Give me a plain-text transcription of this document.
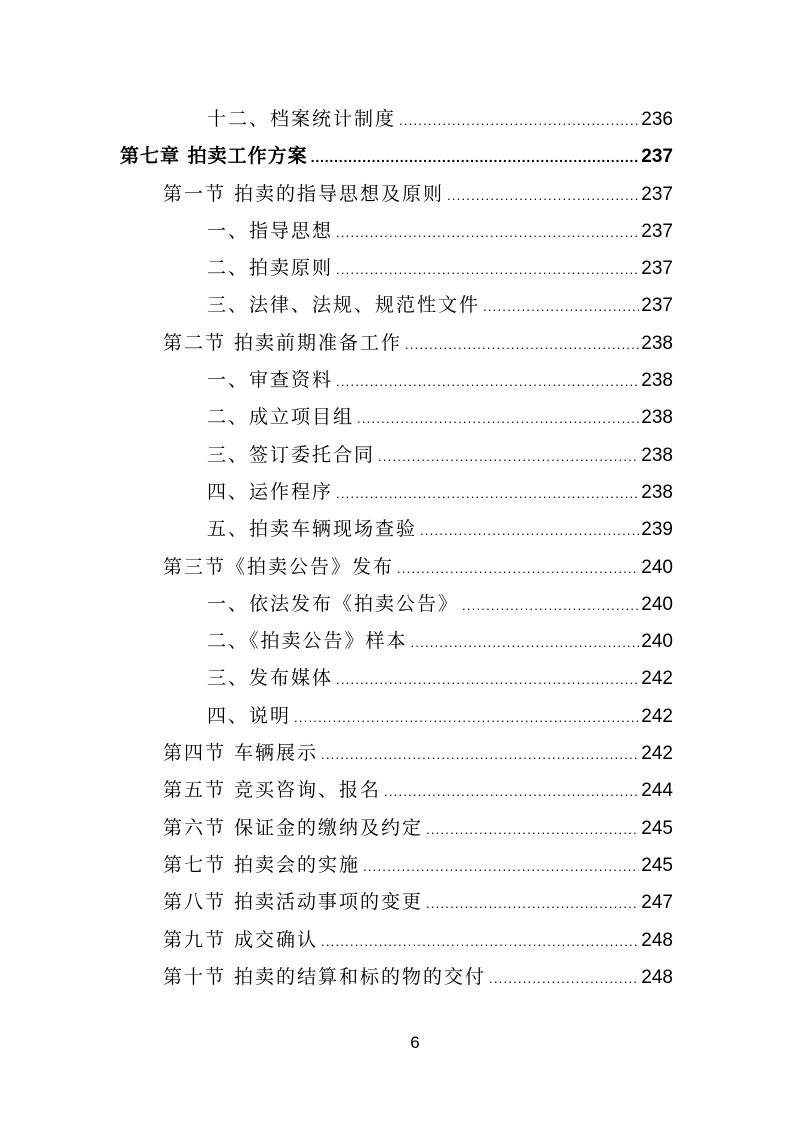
十二、档案统计制度 .....	236
第七章 拍卖工作方案 .....	237
第一节 拍卖的指导思想及原则 .....	237
一、指导思想 .....	237
二、拍卖原则 .....	237
三、法律、法规、规范性文件 .....	237
第二节 拍卖前期准备工作 .....	238
一、审查资料 .....	238
二、成立项目组 .....	238
三、签订委托合同 .....	238
四、运作程序 .....	238
五、拍卖车辆现场查验 .....	239
第三节《拍卖公告》发布 .....	240
一、依法发布《拍卖公告》 .....	240
二、《拍卖公告》样本 .....	240
三、发布媒体 .....	242
四、说明 .....	242
第四节 车辆展示 .....	242
第五节 竞买咨询、报名 .....	244
第六节 保证金的缴纳及约定 .....	245
第七节 拍卖会的实施 .....	245
第八节 拍卖活动事项的变更 .....	247
第九节 成交确认 .....	248
第十节 拍卖的结算和标的物的交付 .....	248
6
